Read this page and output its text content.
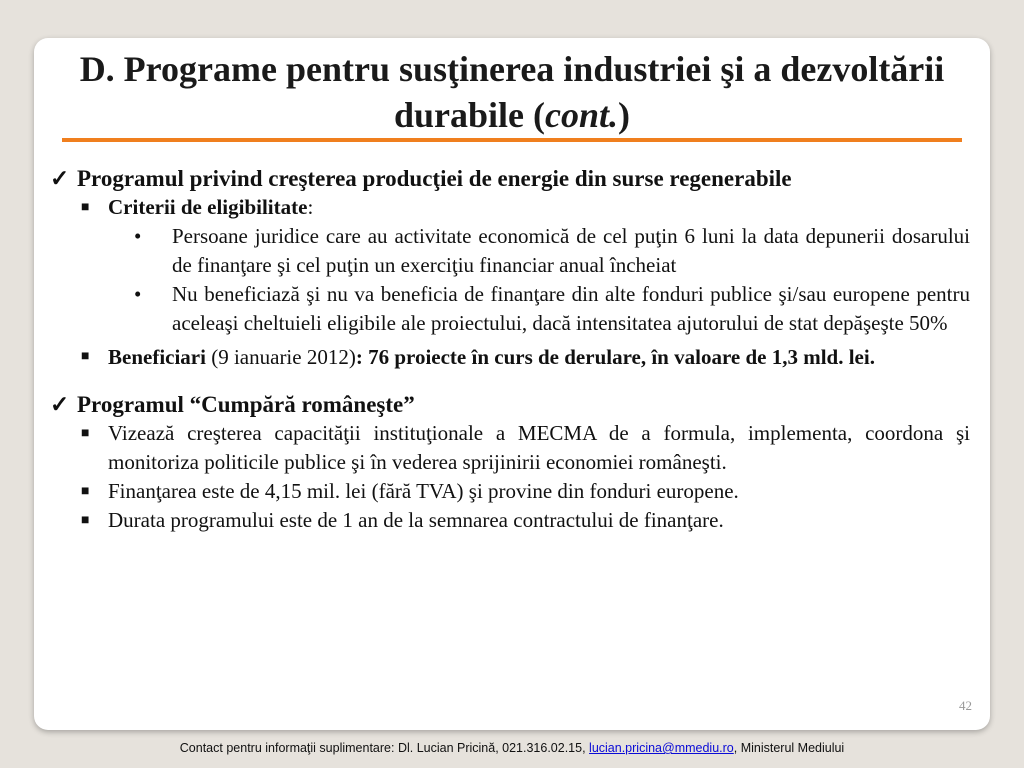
D. Programe pentru susţinerea industriei şi a dezvoltării durabile (cont.)
✓ Programul privind creşterea producţiei de energie din surse regenerabile
■ Criterii de eligibilitate:
•	Persoane juridice care au activitate economică de cel puţin 6 luni la data depunerii dosarului de finanţare şi cel puţin un exerciţiu financiar anual încheiat
•	Nu beneficiază şi nu va beneficia de finanţare din alte fonduri publice şi/sau europene pentru aceleaşi cheltuieli eligibile ale proiectului, dacă intensitatea ajutorului de stat depăşeşte 50%
■ Beneficiari (9 ianuarie 2012): 76 proiecte în curs de derulare, în valoare de 1,3 mld. lei.
✓ Programul “Cumpără româneşte”
■ Vizează creşterea capacităţii instituţionale a MECMA de a formula, implementa, coordona şi monitoriza politicile publice şi în vederea sprijinirii economiei româneşti.
■ Finanţarea este de 4,15 mil. lei (fără TVA) şi provine din fonduri europene.
■ Durata programului este de 1 an de la semnarea contractului de finanţare.
42
Contact pentru informaţii suplimentare: Dl. Lucian Pricină, 021.316.02.15, lucian.pricina@mmediu.ro, Ministerul Mediului
